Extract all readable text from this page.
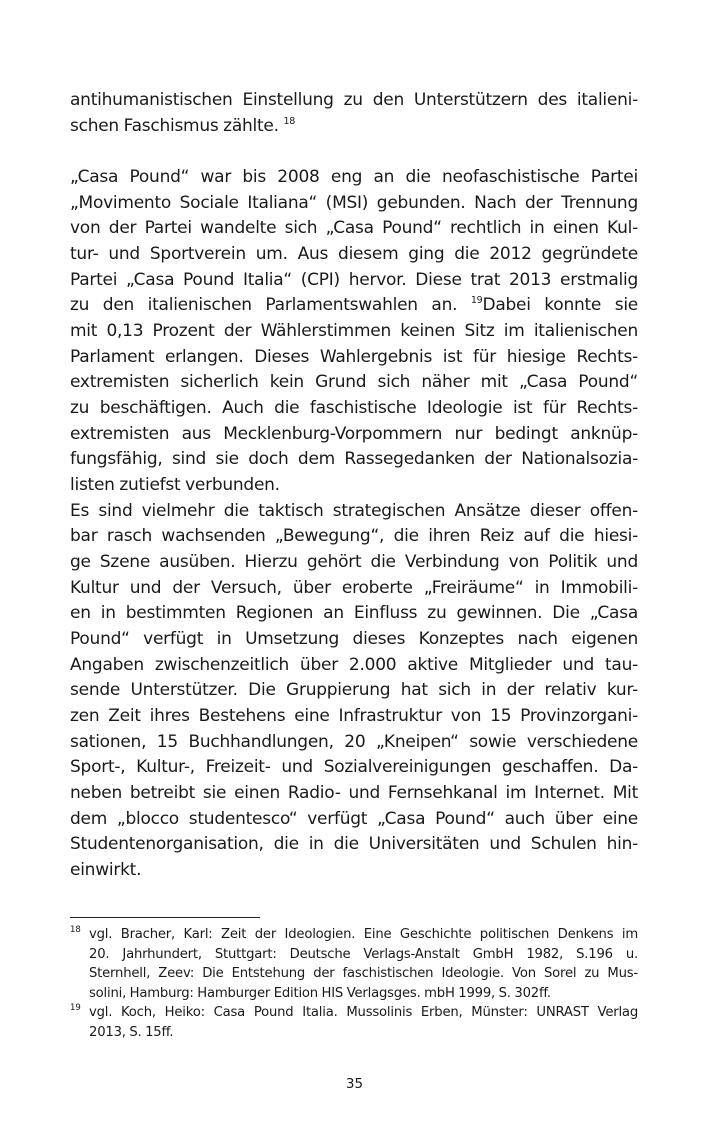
antihumanistischen Einstellung zu den Unterstützern des italieni-
schen Faschismus zählte. $^{18}$
„Casa Pound“ war bis 2008 eng an die neofaschistische Partei
„Movimento Sociale Italiana“ (MSI) gebunden. Nach der Trennung
von der Partei wandelte sich „Casa Pound“ rechtlich in einen Kul-
tur- und Sportverein um. Aus diesem ging die 2012 gegründete
Partei „Casa Pound Italia“ (CPI) hervor. Diese trat 2013 erstmalig
zu den italienischen Parlamentswahlen an. $^{19}$Dabei konnte sie
mit 0,13 Prozent der Wählerstimmen keinen Sitz im italienischen
Parlament erlangen. Dieses Wahlergebnis ist für hiesige Rechts-
extremisten sicherlich kein Grund sich näher mit „Casa Pound“
zu beschäftigen. Auch die faschistische Ideologie ist für Rechts-
extremisten aus Mecklenburg-Vorpommern nur bedingt anknüp-
fungsfähig, sind sie doch dem Rassegedanken der Nationalsozia-
listen zutiefst verbunden.
Es sind vielmehr die taktisch strategischen Ansätze dieser offen-
bar rasch wachsenden „Bewegung“, die ihren Reiz auf die hiesi-
ge Szene ausüben. Hierzu gehört die Verbindung von Politik und
Kultur und der Versuch, über eroberte „Freiräume“ in Immobili-
en in bestimmten Regionen an Einfluss zu gewinnen. Die „Casa
Pound“ verfügt in Umsetzung dieses Konzeptes nach eigenen
Angaben zwischenzeitlich über 2.000 aktive Mitglieder und tau-
sende Unterstützer. Die Gruppierung hat sich in der relativ kur-
zen Zeit ihres Bestehens eine Infrastruktur von 15 Provinzorgani-
sationen, 15 Buchhandlungen, 20 „Kneipen“ sowie verschiedene
Sport-, Kultur-, Freizeit- und Sozialvereinigungen geschaffen. Da-
neben betreibt sie einen Radio- und Fernsehkanal im Internet. Mit
dem „blocco studentesco“ verfügt „Casa Pound“ auch über eine
Studentenorganisation, die in die Universitäten und Schulen hin-
einwirkt.
18 vgl. Bracher, Karl: Zeit der Ideologien. Eine Geschichte politischen Denkens im
20. Jahrhundert, Stuttgart: Deutsche Verlags-Anstalt GmbH 1982, S.196 u.
Sternhell, Zeev: Die Entstehung der faschistischen Ideologie. Von Sorel zu Mus-
solini, Hamburg: Hamburger Edition HIS Verlagsges. mbH 1999, S. 302ff.
19 vgl. Koch, Heiko: Casa Pound Italia. Mussolinis Erben, Münster: UNRAST Verlag
2013, S. 15ff.
35
